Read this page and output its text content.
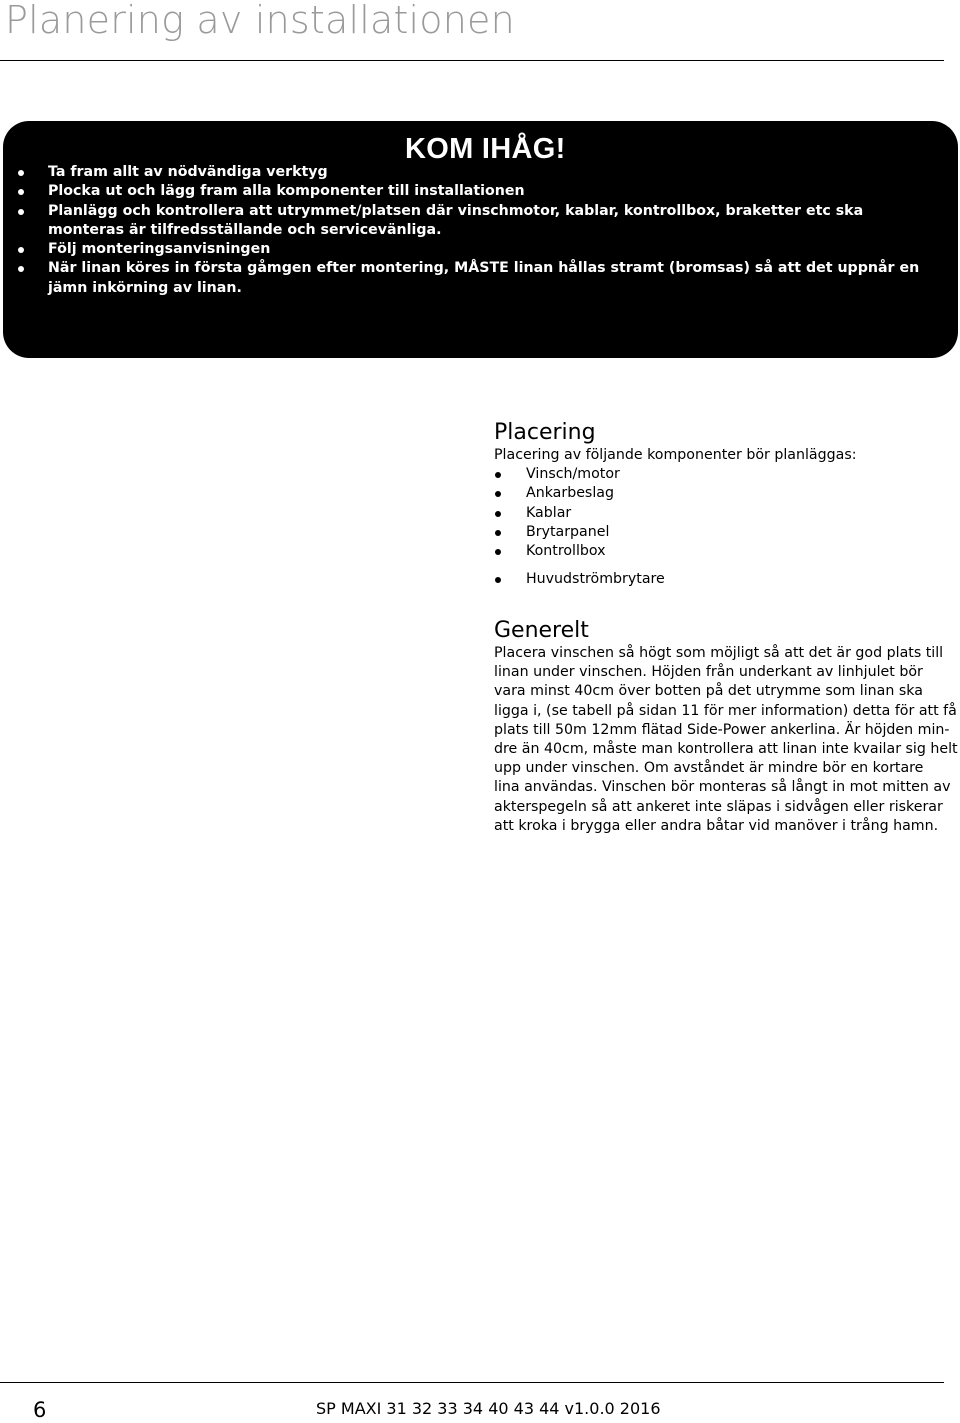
Planering av installationen
KOM IHÅG!
Ta fram allt av nödvändiga verktyg
Plocka ut och lägg fram alla komponenter till installationen
Planlägg och kontrollera att utrymmet/platsen där vinschmotor, kablar, kontrollbox, braketter etc ska monteras är tilfredsställande och servicevänliga.
Följ monteringsanvisningen
När linan köres in första gåmgen efter montering, MÅSTE linan hållas stramt (bromsas) så att det uppnår en jämn inkörning av linan.
Placering

Placering av följande komponenter bör planläggas:

Vinsch/motor
Ankarbeslag
Kablar
Brytarpanel
Kontrollbox
Huvudströmbrytare
Generelt
Placera vinschen så högt som möjligt så att det är god plats till
linan under vinschen. Höjden från underkant av linhjulet bör
vara minst 40cm över botten på det utrymme som linan ska
ligga i, (se tabell på sidan 11 för mer information) detta för att få
plats till 50m 12mm flätad Side-Power ankerlina. Är höjden min-
dre än 40cm, måste man kontrollera att linan inte kvailar sig helt
upp under vinschen. Om avståndet är mindre bör en kortare
lina användas. Vinschen bör monteras så långt in mot mitten av
akterspegeln så att ankeret inte släpas i sidvågen eller riskerar
att kroka i brygga eller andra båtar vid manöver i trång hamn.
6	SP MAXI 31 32 33 34 40 43 44 v1.0.0 2016
